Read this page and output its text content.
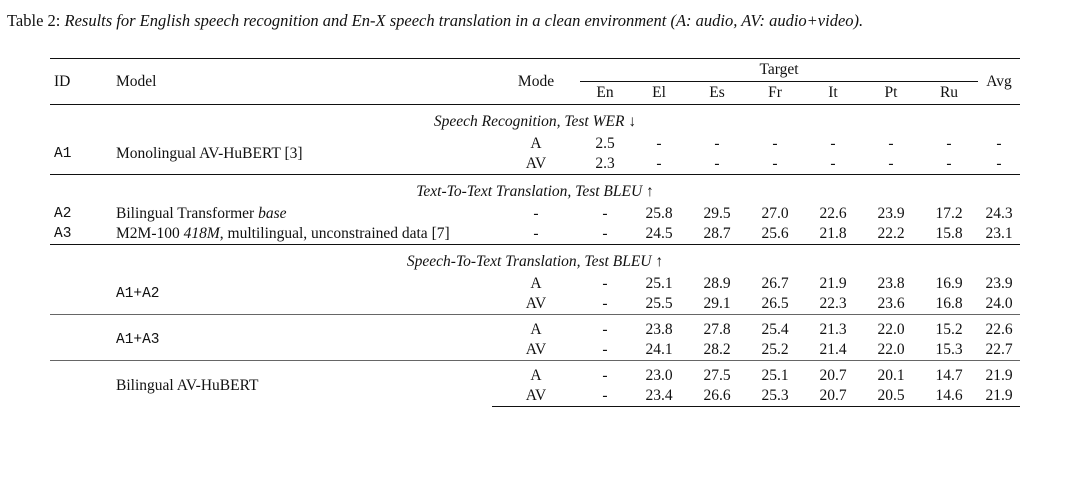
Table 2: Results for English speech recognition and En-X speech translation in a clean environment (A: audio, AV: audio+video).
ID	Model	Mode	Target							Avg
			En	El	Es	Fr	It	Pt	Ru	
Speech Recognition, Test WER ↓										
A1	Monolingual AV-HuBERT [3]	A	2.5	-	-	-	-	-	-	-
		AV	2.3	-	-	-	-	-	-	-
Text-To-Text Translation, Test BLEU ↑										
A2	Bilingual Transformer base	-	-	25.8	29.5	27.0	22.6	23.9	17.2	24.3
A3	M2M-100 418M, multilingual, unconstrained data [7]	-	-	24.5	28.7	25.6	21.8	22.2	15.8	23.1
Speech-To-Text Translation, Test BLEU ↑										
	A1+A2	A	-	25.1	28.9	26.7	21.9	23.8	16.9	23.9
		AV	-	25.5	29.1	26.5	22.3	23.6	16.8	24.0
	A1+A3	A	-	23.8	27.8	25.4	21.3	22.0	15.2	22.6
		AV	-	24.1	28.2	25.2	21.4	22.0	15.3	22.7
	Bilingual AV-HuBERT	A	-	23.0	27.5	25.1	20.7	20.1	14.7	21.9
		AV	-	23.4	26.6	25.3	20.7	20.5	14.6	21.9
